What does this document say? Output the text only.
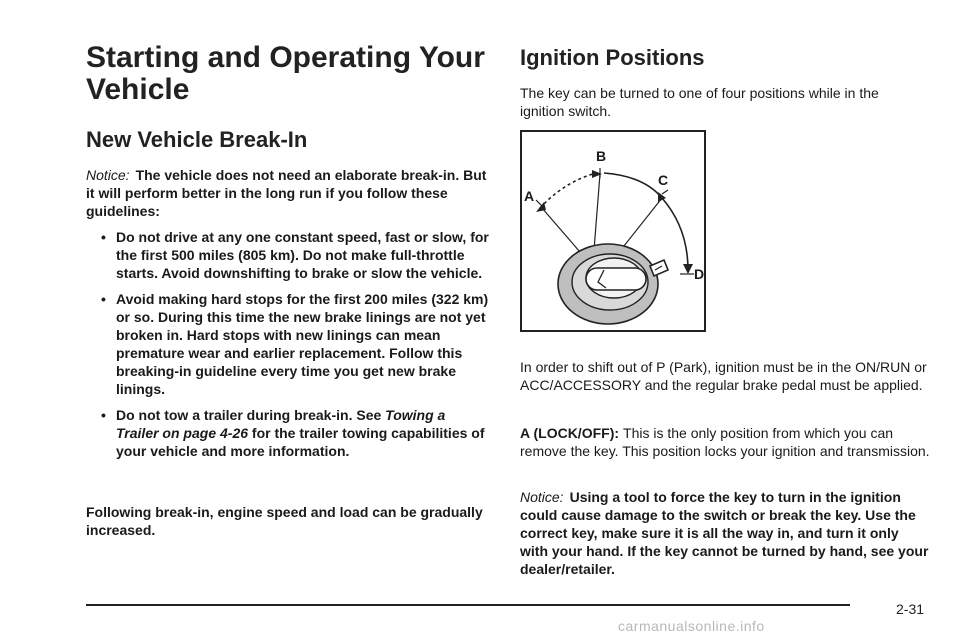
Starting and Operating Your Vehicle
New Vehicle Break-In

Notice: The vehicle does not need an elaborate break-in. But it will perform better in the long run if you follow these guidelines:

• Do not drive at any one constant speed, fast or slow, for the first 500 miles (805 km). Do not make full-throttle starts. Avoid downshifting to brake or slow the vehicle.
• Avoid making hard stops for the first 200 miles (322 km) or so. During this time the new brake linings are not yet broken in. Hard stops with new linings can mean premature wear and earlier replacement. Follow this breaking-in guideline every time you get new brake linings.
• Do not tow a trailer during break-in. See Towing a Trailer on page 4-26 for the trailer towing capabilities of your vehicle and more information.

Following break-in, engine speed and load can be gradually increased.

Ignition Positions

The key can be turned to one of four positions while in the ignition switch.

A
B
C
D

In order to shift out of P (Park), ignition must be in the ON/RUN or ACC/ACCESSORY and the regular brake pedal must be applied.

A (LOCK/OFF): This is the only position from which you can remove the key. This position locks your ignition and transmission.

Notice: Using a tool to force the key to turn in the ignition could cause damage to the switch or break the key. Use the correct key, make sure it is all the way in, and turn it only with your hand. If the key cannot be turned by hand, see your dealer/retailer.

2-31
carmanualsonline.info
